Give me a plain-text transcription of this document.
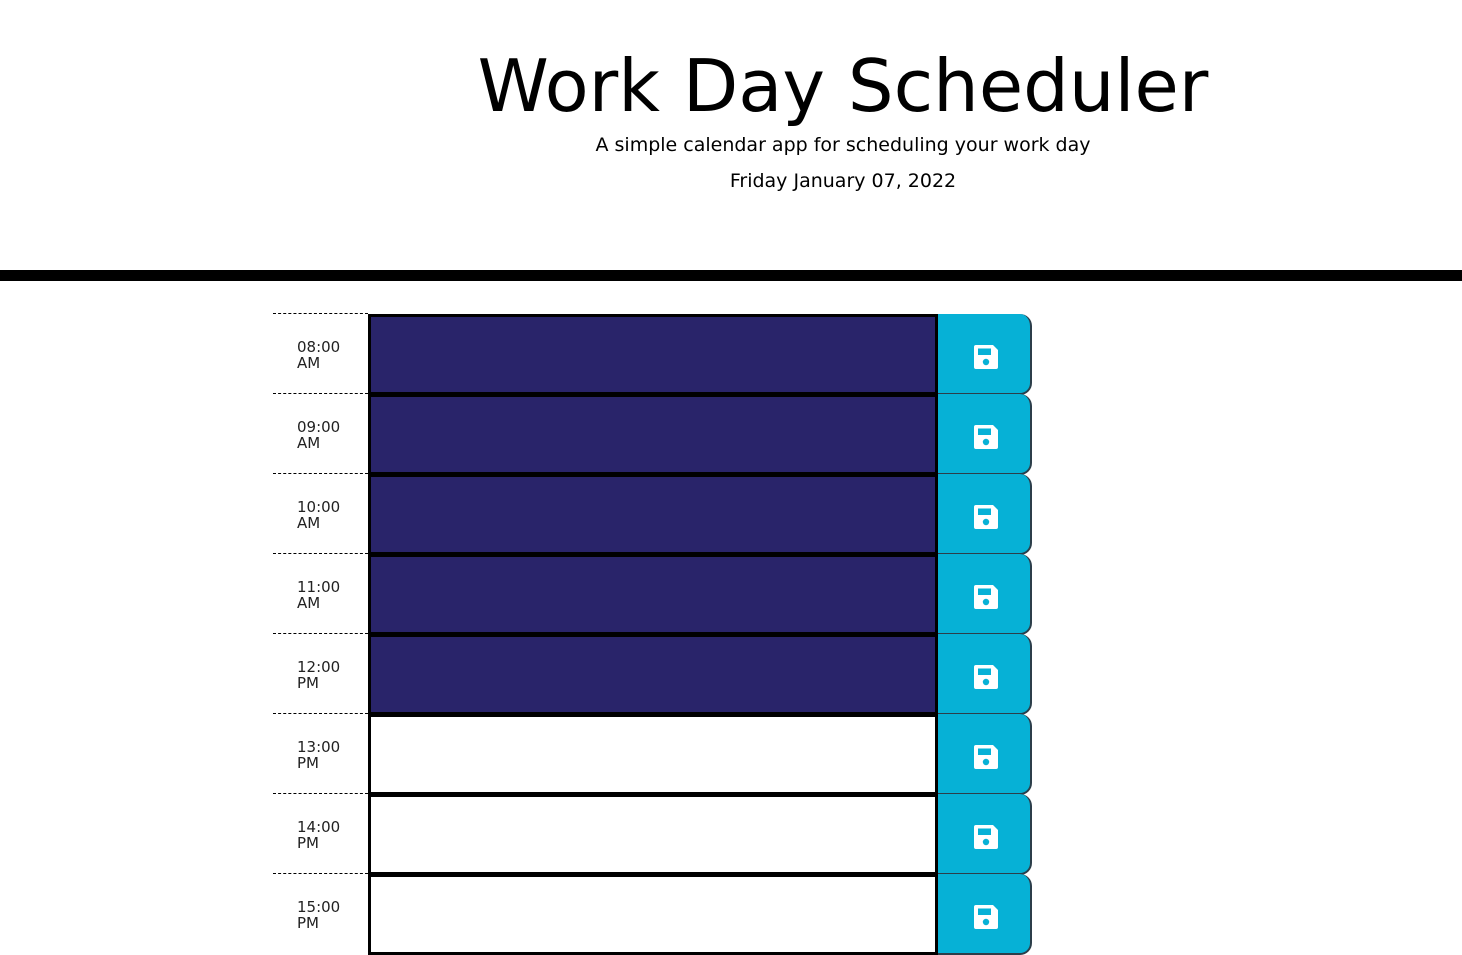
Work Day Scheduler

A simple calendar app for scheduling your work day

Friday January 07, 2022

08:00
AM
09:00
AM
10:00
AM
11:00
AM
12:00
PM
13:00
PM
14:00
PM
15:00
PM
